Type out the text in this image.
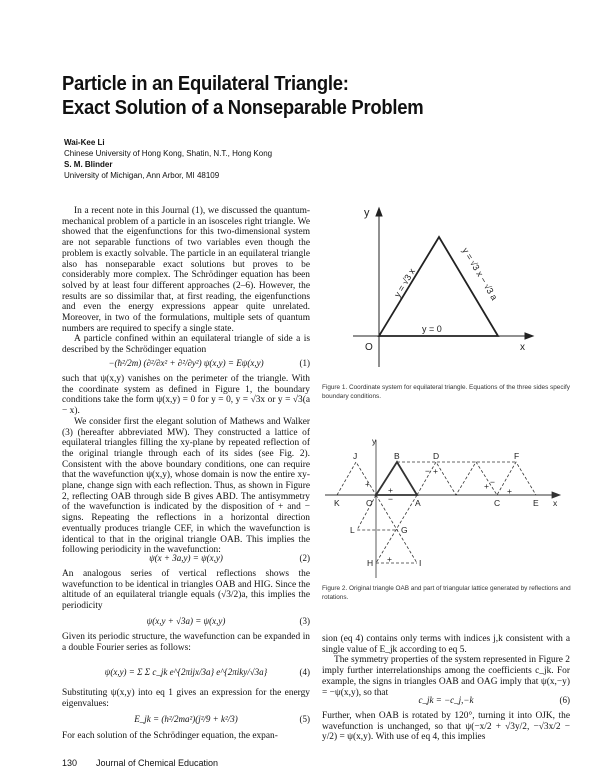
Particle in an Equilateral Triangle:
Exact Solution of a Nonseparable Problem
Wai-Kee Li
Chinese University of Hong Kong, Shatin, N.T., Hong Kong
S. M. Blinder
University of Michigan, Ann Arbor, MI 48109

In a recent note in this Journal (1), we discussed the quantum-mechanical problem of a particle in an isosceles right triangle. We showed that the eigenfunctions for this two-dimensional system are not separable functions of two variables even though the problem is exactly solvable. The particle in an equilateral triangle also has nonseparable exact solutions but proves to be considerably more complex. The Schrödinger equation has been solved by at least four different approaches (2–6). However, the results are so dissimilar that, at first reading, the eigenfunctions and even the energy expressions appear quite unrelated. Moreover, in two of the formulations, multiple sets of quantum numbers are required to specify a single state.

A particle confined within an equilateral triangle of side a is described by the Schrödinger equation

−(ħ²/2m) (∂²/∂x² + ∂²/∂y²) ψ(x,y) = Eψ(x,y)	(1)

such that ψ(x,y) vanishes on the perimeter of the triangle. With the coordinate system as defined in Figure 1, the boundary conditions take the form ψ(x,y) = 0 for y = 0, y = √3x or y = √3(a − x).

We consider first the elegant solution of Mathews and Walker (3) (hereafter abbreviated MW). They constructed a lattice of equilateral triangles filling the xy-plane by repeated reflection of the original triangle through each of its sides (see Fig. 2). Consistent with the above boundary conditions, one can require that the wavefunction ψ(x,y), whose domain is now the entire xy-plane, change sign with each reflection. Thus, as shown in Figure 2, reflecting OAB through side B gives ABD. The antisymmetry of the wavefunction is indicated by the disposition of + and − signs. Repeating the reflections in a horizontal direction eventually produces triangle CEF, in which the wavefunction is identical to that in the original triangle OAB. This implies the following periodicity in the wavefunction:

ψ(x + 3a,y) = ψ(x,y)	(2)

An analogous series of vertical reflections shows the wavefunction to be identical in triangles OAB and HIG. Since the altitude of an equilateral triangle equals (√3/2)a, this implies the periodicity

ψ(x,y + √3a) = ψ(x,y)	(3)

Given its periodic structure, the wavefunction can be expanded in a double Fourier series as follows:

ψ(x,y) = Σ Σ c_jk e^{2πijx/3a} e^{2πiky/√3a}	(4)

Substituting ψ(x,y) into eq 1 gives an expression for the energy eigenvalues:

E_jk = (h²/2ma²)(j²/9 + k²/3)	(5)

For each solution of the Schrödinger equation, the expan-

y
x
O
y = √3 x	y = √3 x − √3 a
y = 0
y
x
O	A
B
C
D
E
F
G
H	I
J
K
L
+
−
+
−
+ −
+
+
+
Figure 1. Coordinate system for equilateral triangle. Equations of the three sides specify boundary conditions.
Figure 2. Original triangle OAB and part of triangular lattice generated by reflections and rotations.

sion (eq 4) contains only terms with indices j,k consistent with a single value of E_jk according to eq 5.

The symmetry properties of the system represented in Figure 2 imply further interrelationships among the coefficients c_jk. For example, the signs in triangles OAB and OAG imply that ψ(x,−y) = −ψ(x,y), so that

c_jk = −c_j,−k	(6)

Further, when OAB is rotated by 120°, turning it into OJK, the wavefunction is unchanged, so that ψ(−x/2 + √3y/2, −√3x/2 − y/2) = ψ(x,y). With use of eq 4, this implies

130 Journal of Chemical Education
